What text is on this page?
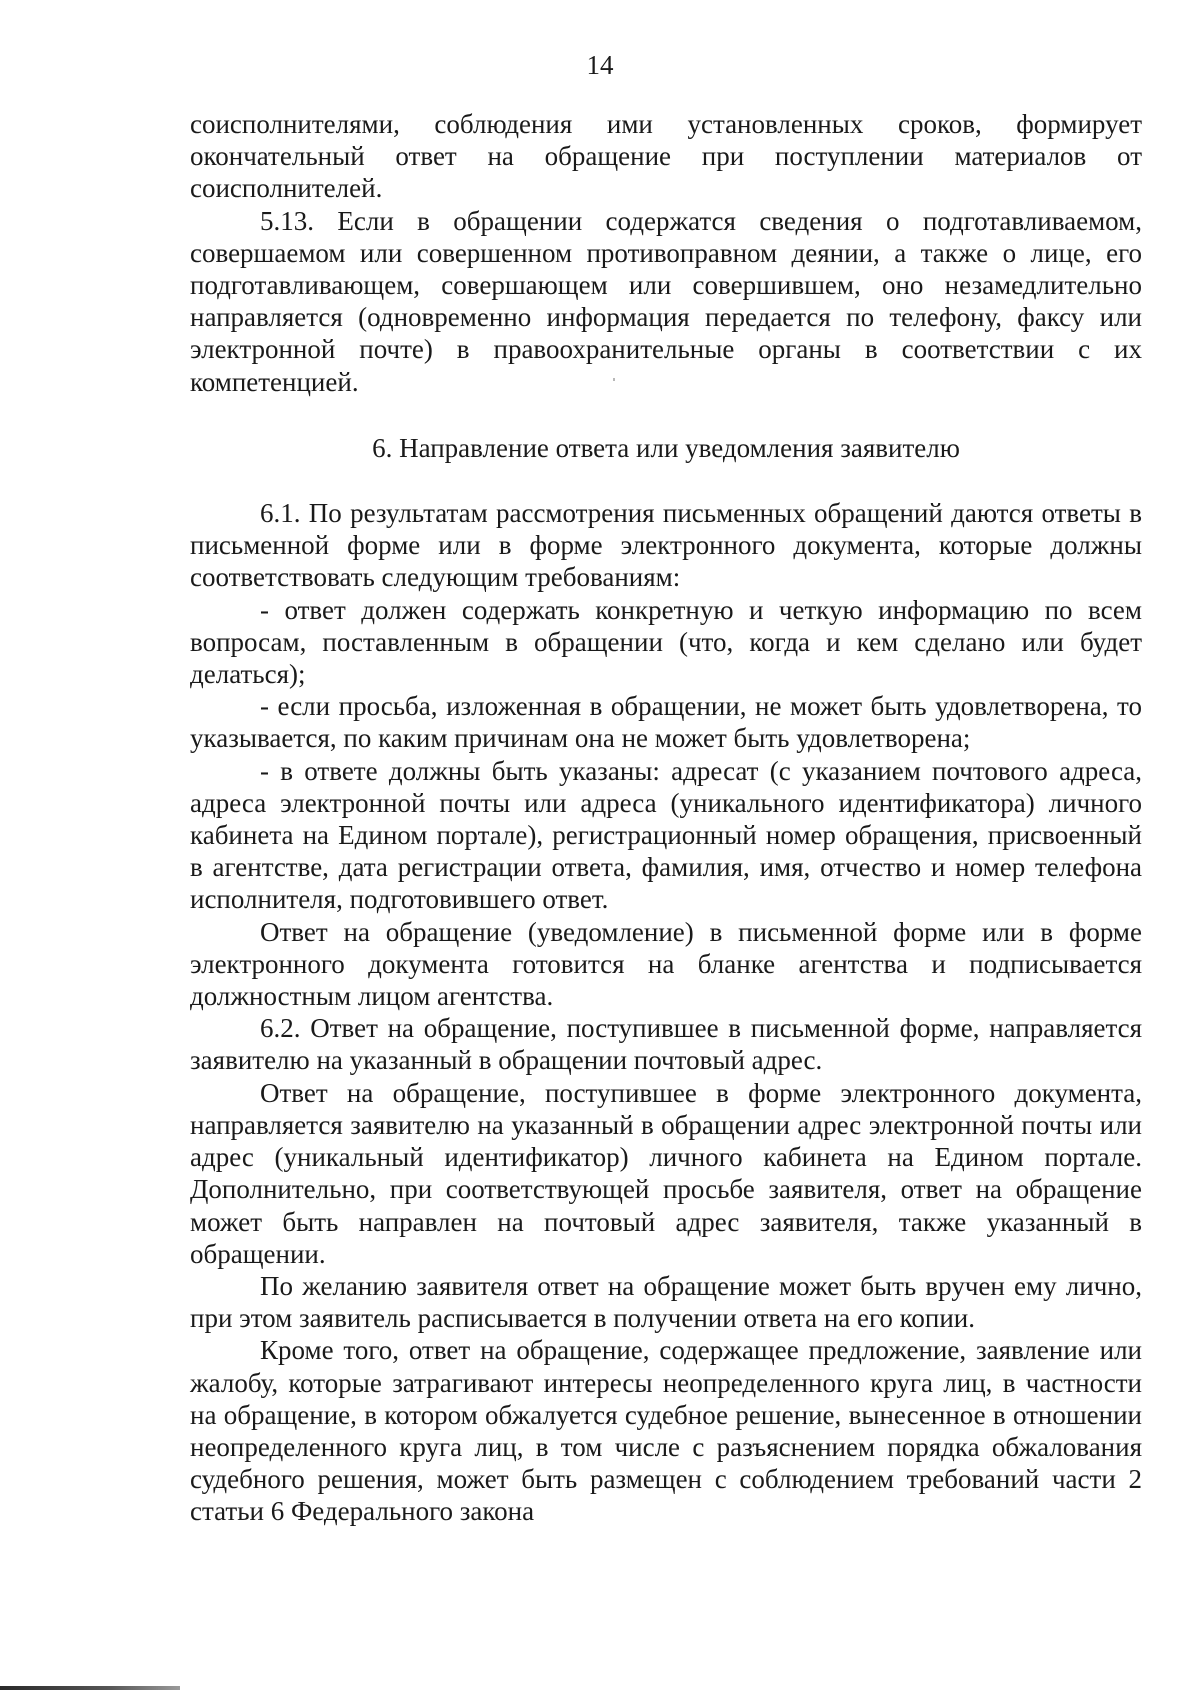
14

соисполнителями, соблюдения ими установленных сроков, формирует окончательный ответ на обращение при поступлении материалов от соисполнителей.

5.13. Если в обращении содержатся сведения о подготавливаемом, совершаемом или совершенном противоправном деянии, а также о лице, его подготавливающем, совершающем или совершившем, оно незамедлительно направляется (одновременно информация передается по телефону, факсу или электронной почте) в правоохранительные органы в соответствии с их компетенцией.

6. Направление ответа или уведомления заявителю

6.1. По результатам рассмотрения письменных обращений даются ответы в письменной форме или в форме электронного документа, которые должны соответствовать следующим требованиям:

- ответ должен содержать конкретную и четкую информацию по всем вопросам, поставленным в обращении (что, когда и кем сделано или будет делаться);

- если просьба, изложенная в обращении, не может быть удовлетворена, то указывается, по каким причинам она не может быть удовлетворена;

- в ответе должны быть указаны: адресат (с указанием почтового адреса, адреса электронной почты или адреса (уникального идентификатора) личного кабинета на Едином портале), регистрационный номер обращения, присвоенный в агентстве, дата регистрации ответа, фамилия, имя, отчество и номер телефона исполнителя, подготовившего ответ.

Ответ на обращение (уведомление) в письменной форме или в форме электронного документа готовится на бланке агентства и подписывается должностным лицом агентства.

6.2. Ответ на обращение, поступившее в письменной форме, направляется заявителю на указанный в обращении почтовый адрес.

Ответ на обращение, поступившее в форме электронного документа, направляется заявителю на указанный в обращении адрес электронной почты или адрес (уникальный идентификатор) личного кабинета на Едином портале. Дополнительно, при соответствующей просьбе заявителя, ответ на обращение может быть направлен на почтовый адрес заявителя, также указанный в обращении.

По желанию заявителя ответ на обращение может быть вручен ему лично, при этом заявитель расписывается в получении ответа на его копии.

Кроме того, ответ на обращение, содержащее предложение, заявление или жалобу, которые затрагивают интересы неопределенного круга лиц, в частности на обращение, в котором обжалуется судебное решение, вынесенное в отношении неопределенного круга лиц, в том числе с разъяснением порядка обжалования судебного решения, может быть размещен с соблюдением требований части 2 статьи 6 Федерального закона
